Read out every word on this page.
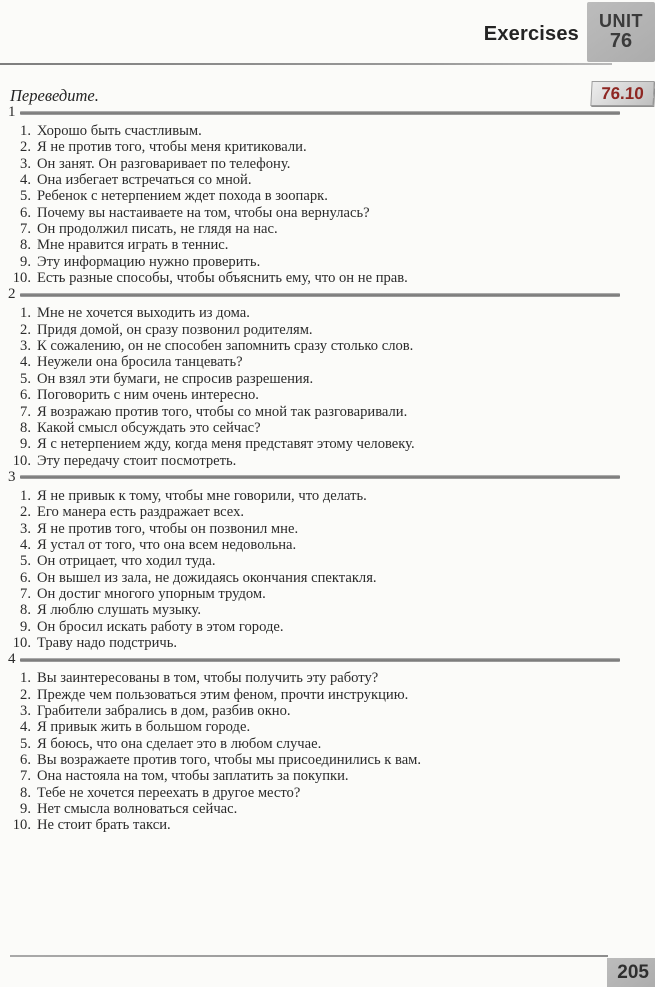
Exercises
UNIT
76
Переведите.	76.10
1
1. Хорошо быть счастливым.
2. Я не против того, чтобы меня критиковали.
3. Он занят. Он разговаривает по телефону.
4. Она избегает встречаться со мной.
5. Ребенок с нетерпением ждет похода в зоопарк.
6. Почему вы настаиваете на том, чтобы она вернулась?
7. Он продолжил писать, не глядя на нас.
8. Мне нравится играть в теннис.
9. Эту информацию нужно проверить.
10. Есть разные способы, чтобы объяснить ему, что он не прав.
2
1. Мне не хочется выходить из дома.
2. Придя домой, он сразу позвонил родителям.
3. К сожалению, он не способен запомнить сразу столько слов.
4. Неужели она бросила танцевать?
5. Он взял эти бумаги, не спросив разрешения.
6. Поговорить с ним очень интересно.
7. Я возражаю против того, чтобы со мной так разговаривали.
8. Какой смысл обсуждать это сейчас?
9. Я с нетерпением жду, когда меня представят этому человеку.
10. Эту передачу стоит посмотреть.
3
1. Я не привык к тому, чтобы мне говорили, что делать.
2. Его манера есть раздражает всех.
3. Я не против того, чтобы он позвонил мне.
4. Я устал от того, что она всем недовольна.
5. Он отрицает, что ходил туда.
6. Он вышел из зала, не дожидаясь окончания спектакля.
7. Он достиг многого упорным трудом.
8. Я люблю слушать музыку.
9. Он бросил искать работу в этом городе.
10. Траву надо подстричь.
4
1. Вы заинтересованы в том, чтобы получить эту работу?
2. Прежде чем пользоваться этим феном, прочти инструкцию.
3. Грабители забрались в дом, разбив окно.
4. Я привык жить в большом городе.
5. Я боюсь, что она сделает это в любом случае.
6. Вы возражаете против того, чтобы мы присоединились к вам.
7. Она настояла на том, чтобы заплатить за покупки.
8. Тебе не хочется переехать в другое место?
9. Нет смысла волноваться сейчас.
10. Не стоит брать такси.
205
